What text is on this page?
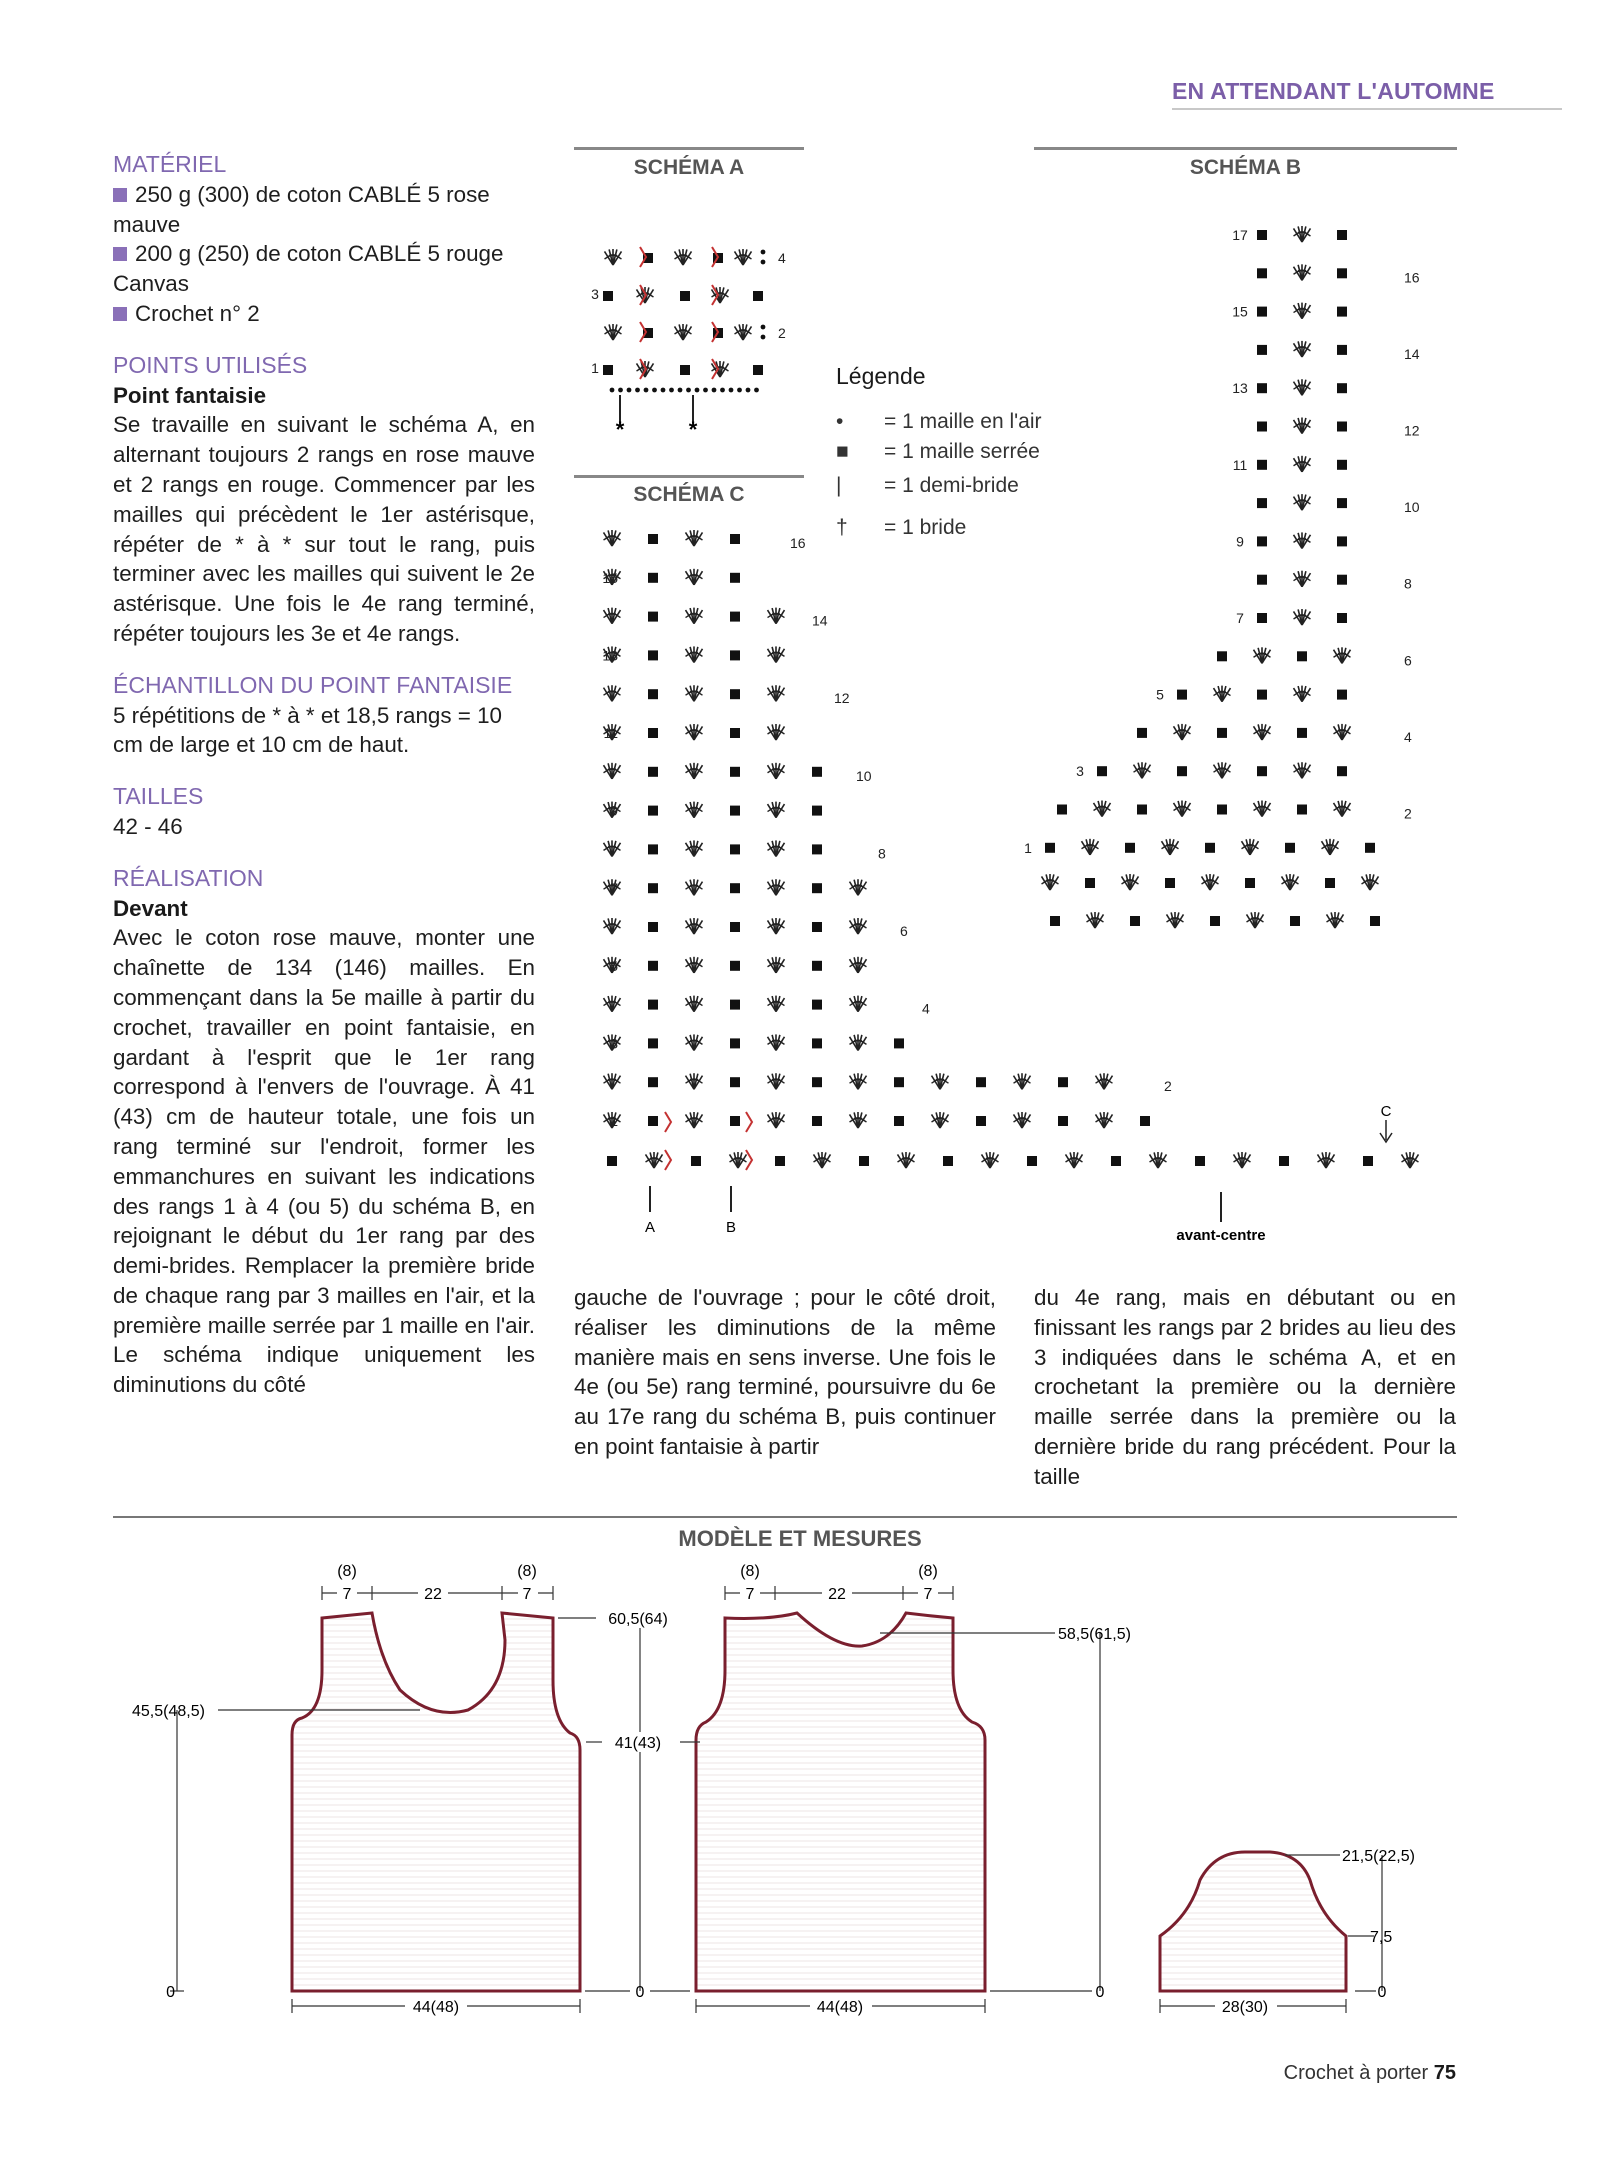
EN ATTENDANT L'AUTOMNE
MATÉRIEL
250 g (300) de coton CABLÉ 5 rose mauve
200 g (250) de coton CABLÉ 5 rouge Canvas
Crochet n° 2
POINTS UTILISÉS
Point fantaisie

Se travaille en suivant le schéma A, en alternant toujours 2 rangs en rose mauve et 2 rangs en rouge. Commencer par les mailles qui précèdent le 1er astérisque, répéter de * à * sur tout le rang, puis terminer avec les mailles qui suivent le 2e astérisque. Une fois le 4e rang terminé, répéter toujours les 3e et 4e rangs.

ÉCHANTILLON DU POINT FANTAISIE

5 répétitions de * à * et 18,5 rangs = 10 cm de large et 10 cm de haut.

TAILLES

42 - 46

RÉALISATION
Devant

Avec le coton rose mauve, monter une chaînette de 134 (146) mailles. En commençant dans la 5e maille à partir du crochet, travailler en point fantaisie, en gardant à l'esprit que le 1er rang correspond à l'envers de l'ouvrage. À 41 (43) cm de hauteur totale, une fois un rang terminé sur l'endroit, former les emmanchures en suivant les indications des rangs 1 à 4 (ou 5) du schéma B, en rejoignant le début du 1er rang par des demi-brides. Remplacer la première bride de chaque rang par 3 mailles en l'air, et la première maille serrée par 1 maille en l'air. Le schéma indique uniquement les diminutions du côté

gauche de l'ouvrage ; pour le côté droit, réaliser les diminutions de la même manière mais en sens inverse. Une fois le 4e (ou 5e) rang terminé, poursuivre du 6e au 17e rang du schéma B, puis continuer en point fantaisie à partir

du 4e rang, mais en débutant ou en finissant les rangs par 2 brides au lieu des 3 indiquées dans le schéma A, et en crochetant la première ou la dernière maille serrée dans la première ou la dernière bride du rang précédent. Pour la taille

SCHÉMA A	SCHÉMA B
SCHÉMA C
Légende
• = 1 maille en l'air
■ = 1 maille serrée
| = 1 demi-bride
† = 1 bride
1
2
3
4
17
16
15
14
13
12
11
10
9
8
7
6
5
4
3
2
1
16
15
14
13
12
11
10
9
8
7
6
5
4
3
2
1
*	*
A	B	avant-centre
C
MODÈLE ET MESURES
(8)
7	22
(8)
7
(8)
7	22
(8)
7
45,5(48,5)
0
60,5(64)
41(43)
0
58,5(61,5)
0
21,5(22,5)
7,5
0
44(48)	44(48)	28(30)
Crochet à porter 75
